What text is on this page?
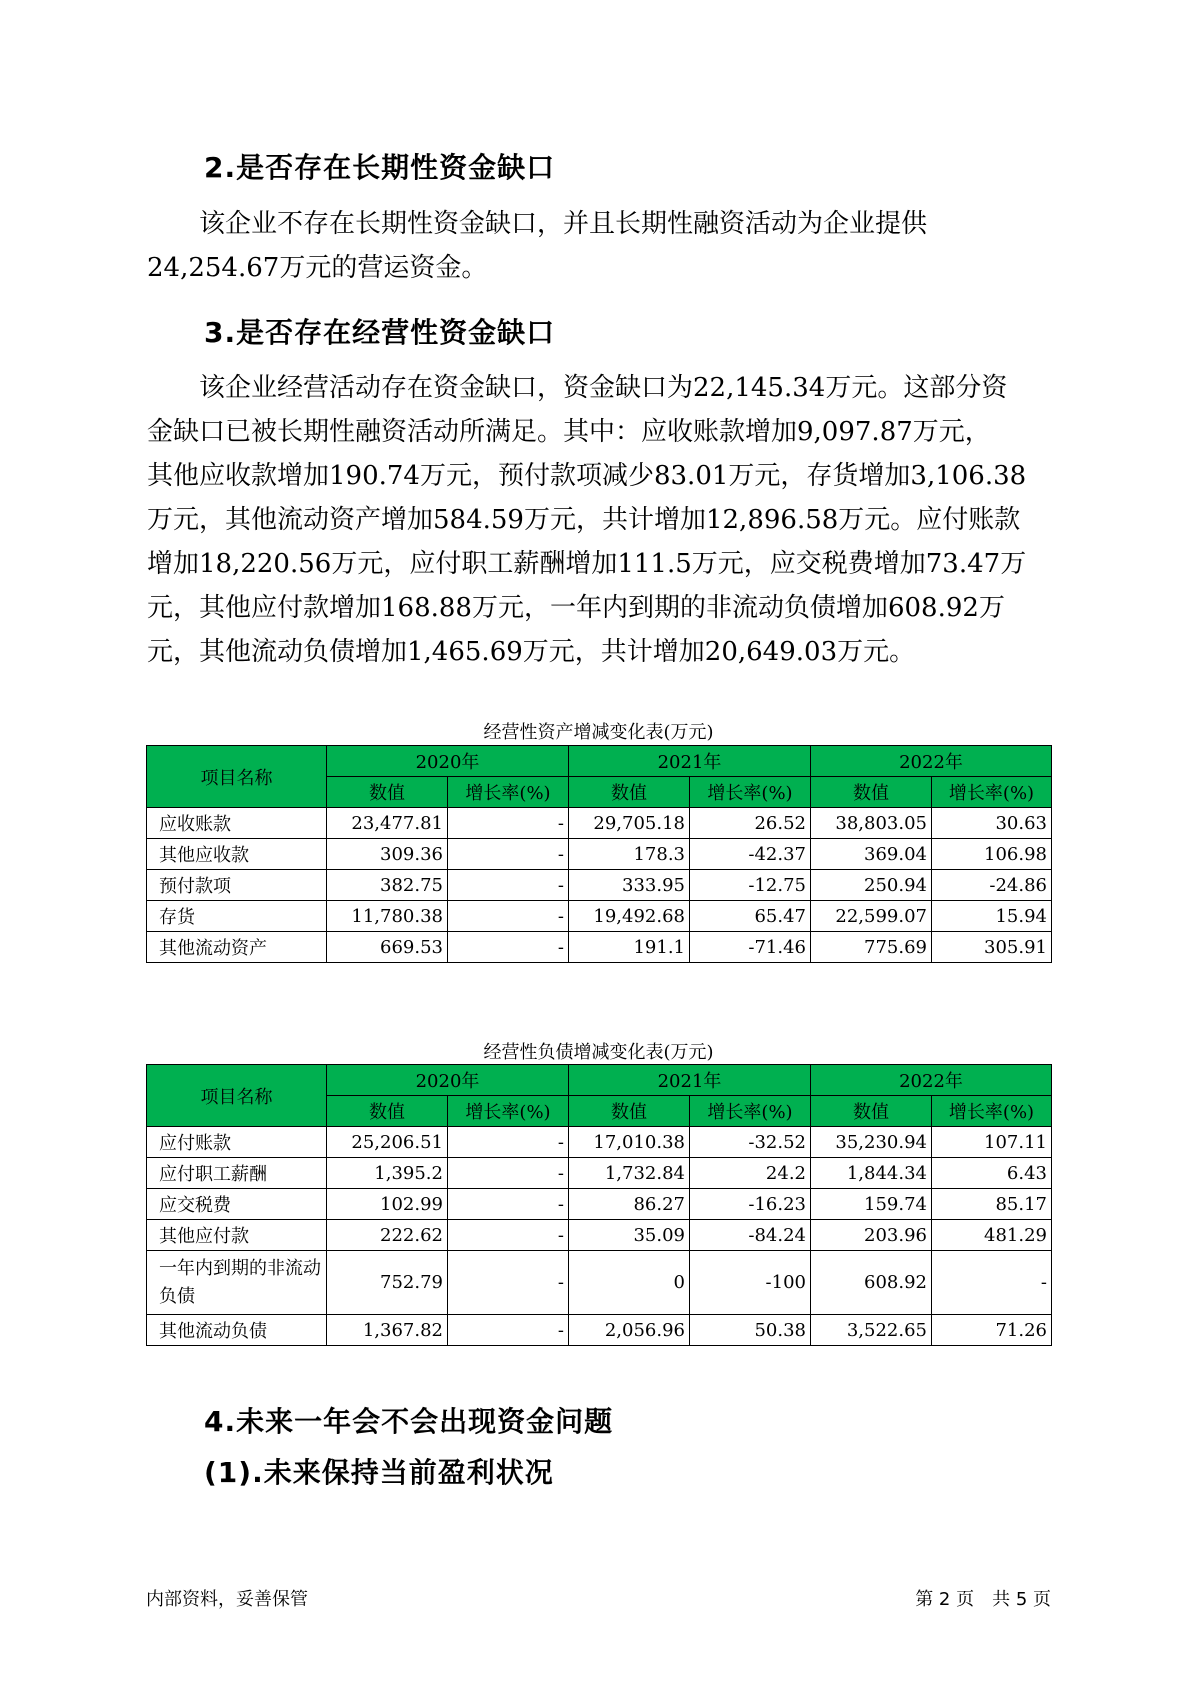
2.是否存在长期性资金缺口
　　该企业不存在长期性资金缺口，并且长期性融资活动为企业提供
24,254.67万元的营运资金。
3.是否存在经营性资金缺口
　　该企业经营活动存在资金缺口，资金缺口为22,145.34万元。这部分资
金缺口已被长期性融资活动所满足。其中：应收账款增加9,097.87万元，
其他应收款增加190.74万元，预付款项减少83.01万元，存货增加3,106.38
万元，其他流动资产增加584.59万元，共计增加12,896.58万元。应付账款
增加18,220.56万元，应付职工薪酬增加111.5万元，应交税费增加73.47万
元，其他应付款增加168.88万元，一年内到期的非流动负债增加608.92万
元，其他流动负债增加1,465.69万元，共计增加20,649.03万元。
经营性资产增减变化表(万元)
项目名称	2020年		2021年		2022年	
	数值	增长率(%)	数值	增长率(%)	数值	增长率(%)
应收账款	23,477.81	-	29,705.18	26.52	38,803.05	30.63
其他应收款	309.36	-	178.3	-42.37	369.04	106.98
预付款项	382.75	-	333.95	-12.75	250.94	-24.86
存货	11,780.38	-	19,492.68	65.47	22,599.07	15.94
其他流动资产	669.53	-	191.1	-71.46	775.69	305.91
经营性负债增减变化表(万元)
项目名称	2020年		2021年		2022年	
	数值	增长率(%)	数值	增长率(%)	数值	增长率(%)
应付账款	25,206.51	-	17,010.38	-32.52	35,230.94	107.11
应付职工薪酬	1,395.2	-	1,732.84	24.2	1,844.34	6.43
应交税费	102.99	-	86.27	-16.23	159.74	85.17
其他应付款	222.62	-	35.09	-84.24	203.96	481.29
一年内到期的非流动负债	752.79	-	0	-100	608.92	-
其他流动负债	1,367.82	-	2,056.96	50.38	3,522.65	71.26
4.未来一年会不会出现资金问题
(1).未来保持当前盈利状况
内部资料，妥善保管	第 2 页　共 5 页
